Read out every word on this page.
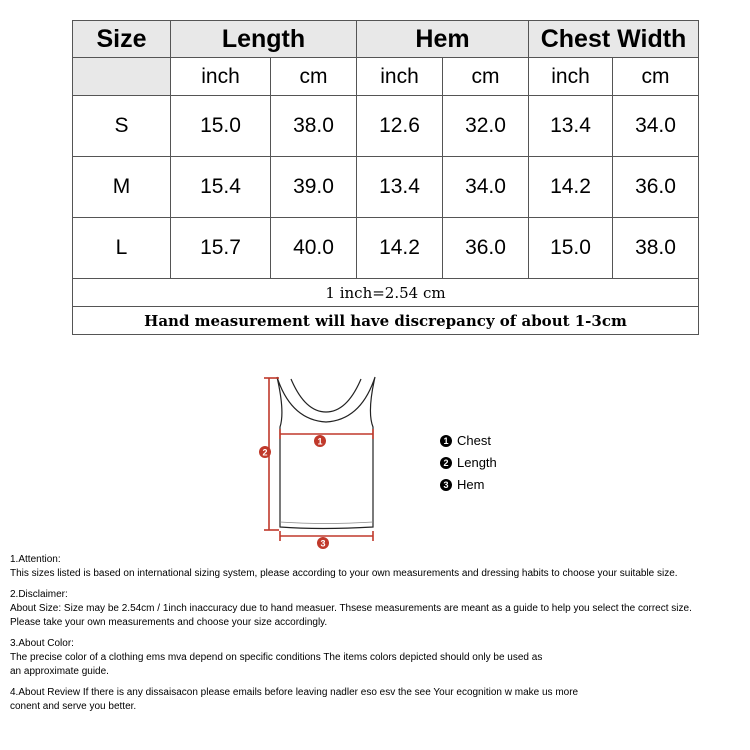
Size	Length		Hem		Chest Width	
	inch	cm	inch	cm	inch	cm
S	15.0	38.0	12.6	32.0	13.4	34.0
M	15.4	39.0	13.4	34.0	14.2	36.0
L	15.7	40.0	14.2	36.0	15.0	38.0
1 inch=2.54 cm						
Hand measurement will have discrepancy of about 1-3cm						
1
2
3
1 Chest
2 Length
3 Hem

1.Attention:
This sizes listed is based on international sizing system, please according to your own measurements and dressing habits to choose your suitable size.

2.Disclaimer:
About Size: Size may be 2.54cm / 1inch inaccuracy due to hand measuer. Thsese measurements are meant as a guide to help you select the correct size.
Please take your own measurements and choose your size accordingly.

3.About Color:
The precise color of a clothing ems mva depend on specific conditions The items colors depicted should only be used as
an approximate guide.

4.About Review If there is any dissaisacon please emails before leaving nadler eso esv the see Your ecognition w make us more
conent and serve you better.
